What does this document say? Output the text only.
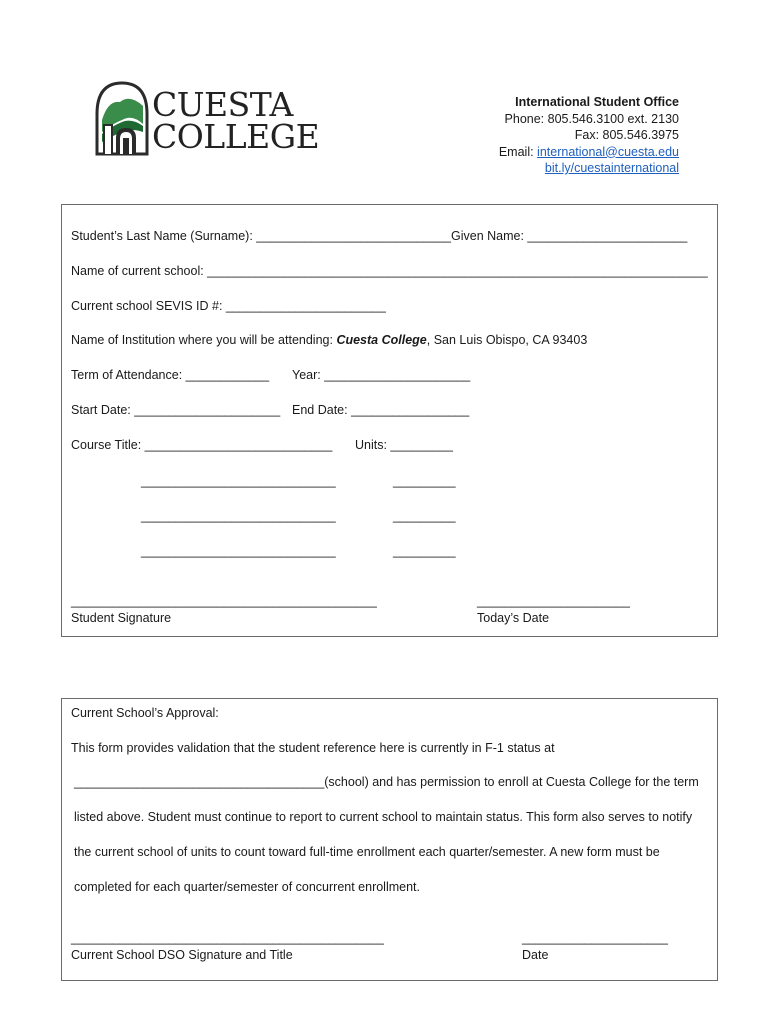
CUESTA
COLLEGE
International Student Office
Phone: 805.546.3100 ext. 2130
Fax: 805.546.3975
Email: international@cuesta.edu
bit.ly/cuestainternational
Student’s Last Name (Surname): ____________________________ Given Name: _______________________
Name of current school: ________________________________________________________________________
Current school SEVIS ID #: _______________________
Name of Institution where you will be attending: Cuesta College, San Luis Obispo, CA 93403
Term of Attendance: ____________ Year: _____________________
Start Date: _____________________ End Date: _________________
Course Title: ___________________________ Units: _________
____________________________	_________
____________________________	_________
____________________________	_________
____________________________________________
Student Signature
______________________
Today’s Date
Current School’s Approval:
This form provides validation that the student reference here is currently in F-1 status at
____________________________________(school) and has permission to enroll at Cuesta College for the term
listed above. Student must continue to report to current school to maintain status. This form also serves to notify
the current school of units to count toward full-time enrollment each quarter/semester. A new form must be
completed for each quarter/semester of concurrent enrollment.
_____________________________________________
Current School DSO Signature and Title
_____________________
Date
